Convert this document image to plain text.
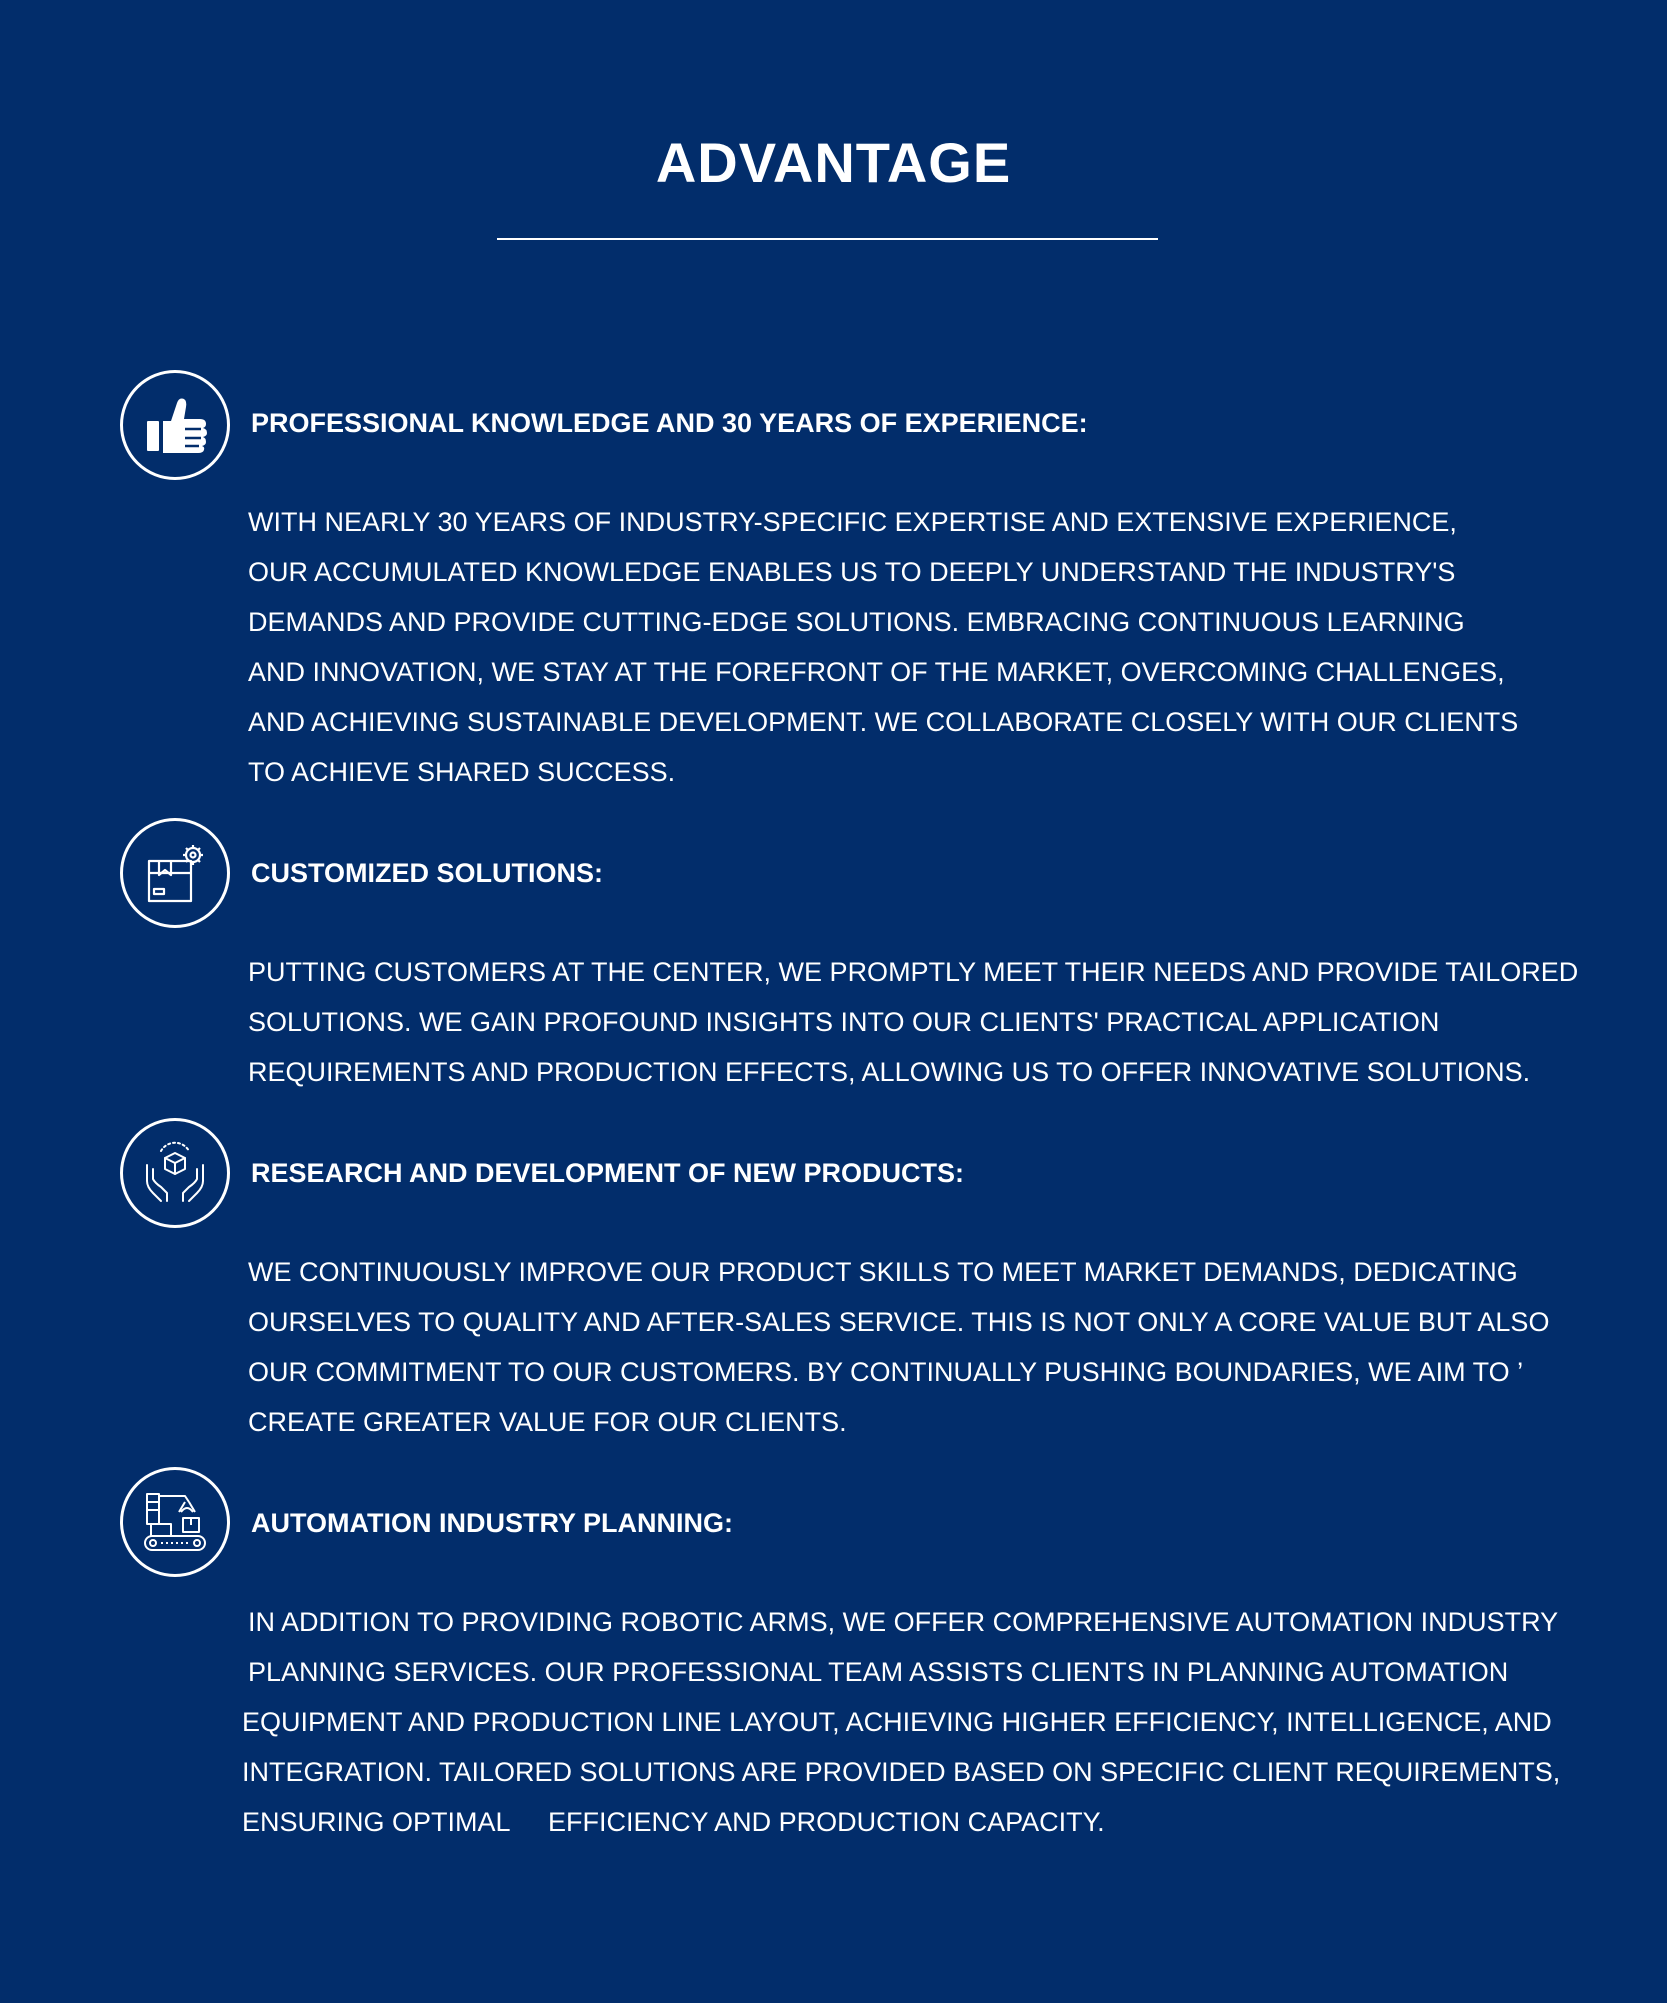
ADVANTAGE
PROFESSIONAL KNOWLEDGE AND 30 YEARS OF EXPERIENCE:
WITH NEARLY 30 YEARS OF INDUSTRY-SPECIFIC EXPERTISE AND EXTENSIVE EXPERIENCE,
OUR ACCUMULATED KNOWLEDGE ENABLES US TO DEEPLY UNDERSTAND THE INDUSTRY'S
DEMANDS AND PROVIDE CUTTING-EDGE SOLUTIONS. EMBRACING CONTINUOUS LEARNING
AND INNOVATION, WE STAY AT THE FOREFRONT OF THE MARKET, OVERCOMING CHALLENGES,
AND ACHIEVING SUSTAINABLE DEVELOPMENT. WE COLLABORATE CLOSELY WITH OUR CLIENTS
TO ACHIEVE SHARED SUCCESS.
CUSTOMIZED SOLUTIONS:
PUTTING CUSTOMERS AT THE CENTER, WE PROMPTLY MEET THEIR NEEDS AND PROVIDE TAILORED
SOLUTIONS. WE GAIN PROFOUND INSIGHTS INTO OUR CLIENTS' PRACTICAL APPLICATION
REQUIREMENTS AND PRODUCTION EFFECTS, ALLOWING US TO OFFER INNOVATIVE SOLUTIONS.
RESEARCH AND DEVELOPMENT OF NEW PRODUCTS:
WE CONTINUOUSLY IMPROVE OUR PRODUCT SKILLS TO MEET MARKET DEMANDS, DEDICATING
OURSELVES TO QUALITY AND AFTER-SALES SERVICE. THIS IS NOT ONLY A CORE VALUE BUT ALSO
OUR COMMITMENT TO OUR CUSTOMERS. BY CONTINUALLY PUSHING BOUNDARIES, WE AIM TO ’
CREATE GREATER VALUE FOR OUR CLIENTS.
AUTOMATION INDUSTRY PLANNING:
IN ADDITION TO PROVIDING ROBOTIC ARMS, WE OFFER COMPREHENSIVE AUTOMATION INDUSTRY
PLANNING SERVICES. OUR PROFESSIONAL TEAM ASSISTS CLIENTS IN PLANNING AUTOMATION
EQUIPMENT AND PRODUCTION LINE LAYOUT, ACHIEVING HIGHER EFFICIENCY, INTELLIGENCE, AND
INTEGRATION. TAILORED SOLUTIONS ARE PROVIDED BASED ON SPECIFIC CLIENT REQUIREMENTS,
ENSURING OPTIMAL     EFFICIENCY AND PRODUCTION CAPACITY.
